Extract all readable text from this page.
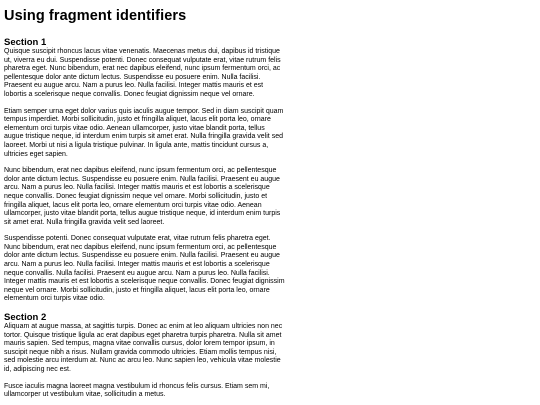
Using fragment identifiers
Section 1

Quisque suscipit rhoncus lacus vitae venenatis. Maecenas metus dui, dapibus id tristique ut, viverra eu dui. Suspendisse potenti. Donec consequat vulputate erat, vitae rutrum felis pharetra eget. Nunc bibendum, erat nec dapibus eleifend, nunc ipsum fermentum orci, ac pellentesque dolor ante dictum lectus. Suspendisse eu posuere enim. Nulla facilisi. Praesent eu augue arcu. Nam a purus leo. Nulla facilisi. Integer mattis mauris et est lobortis a scelerisque neque convallis. Donec feugiat dignissim neque vel ornare.

Etiam semper urna eget dolor varius quis iaculis augue tempor. Sed in diam suscipit quam tempus imperdiet. Morbi sollicitudin, justo et fringilla aliquet, lacus elit porta leo, ornare elementum orci turpis vitae odio. Aenean ullamcorper, justo vitae blandit porta, tellus augue tristique neque, id interdum enim turpis sit amet erat. Nulla fringilla gravida velit sed laoreet. Morbi ut nisi a ligula tristique pulvinar. In ligula ante, mattis tincidunt cursus a, ultricies eget sapien.

Nunc bibendum, erat nec dapibus eleifend, nunc ipsum fermentum orci, ac pellentesque dolor ante dictum lectus. Suspendisse eu posuere enim. Nulla facilisi. Praesent eu augue arcu. Nam a purus leo. Nulla facilisi. Integer mattis mauris et est lobortis a scelerisque neque convallis. Donec feugiat dignissim neque vel ornare. Morbi sollicitudin, justo et fringilla aliquet, lacus elit porta leo, ornare elementum orci turpis vitae odio. Aenean ullamcorper, justo vitae blandit porta, tellus augue tristique neque, id interdum enim turpis sit amet erat. Nulla fringilla gravida velit sed laoreet.

Suspendisse potenti. Donec consequat vulputate erat, vitae rutrum felis pharetra eget. Nunc bibendum, erat nec dapibus eleifend, nunc ipsum fermentum orci, ac pellentesque dolor ante dictum lectus. Suspendisse eu posuere enim. Nulla facilisi. Praesent eu augue arcu. Nam a purus leo. Nulla facilisi. Integer mattis mauris et est lobortis a scelerisque neque convallis. Nulla facilisi. Praesent eu augue arcu. Nam a purus leo. Nulla facilisi. Integer mattis mauris et est lobortis a scelerisque neque convallis. Donec feugiat dignissim neque vel ornare. Morbi sollicitudin, justo et fringilla aliquet, lacus elit porta leo, ornare elementum orci turpis vitae odio.

Section 2

Aliquam at augue massa, at sagittis turpis. Donec ac enim at leo aliquam ultricies non nec tortor. Quisque tristique ligula ac erat dapibus eget pharetra turpis pharetra. Nulla sit amet mauris sapien. Sed tempus, magna vitae convallis cursus, dolor lorem tempor ipsum, in suscipit neque nibh a risus. Nullam gravida commodo ultricies. Etiam mollis tempus nisi, sed molestie arcu interdum at. Nunc ac arcu leo. Nunc sapien leo, vehicula vitae molestie id, adipiscing nec est.

Fusce iaculis magna laoreet magna vestibulum id rhoncus felis cursus. Etiam sem mi, ullamcorper ut vestibulum vitae, sollicitudin a metus.
